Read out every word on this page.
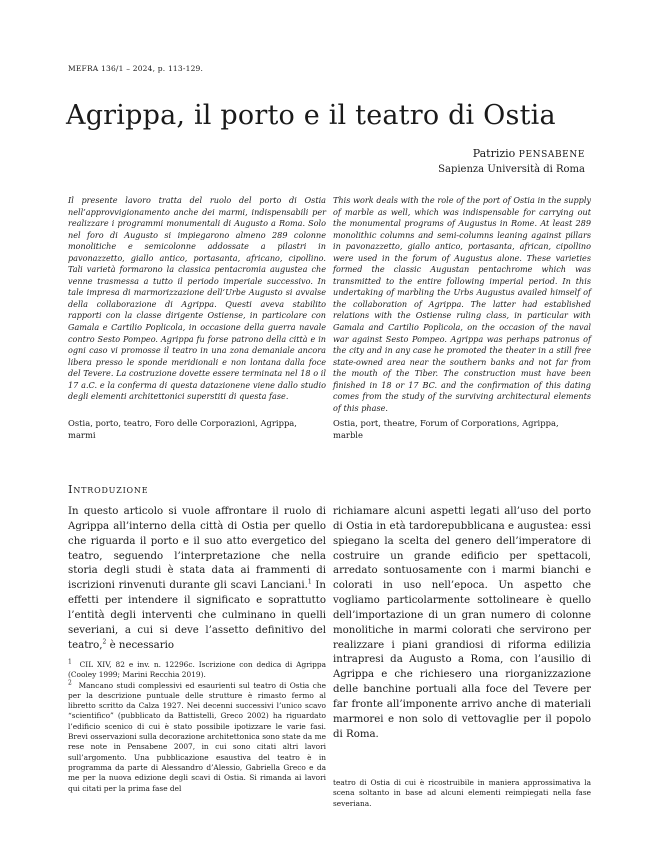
MEFRA 136/1 – 2024, p. 113-129.
Agrippa, il porto e il teatro di Ostia
Patrizio PENSABENE
Sapienza Università di Roma

Il presente lavoro tratta del ruolo del porto di Ostia nell’approvvigionamento anche dei marmi, indispensabili per realizzare i programmi monumentali di Augusto a Roma. Solo nel foro di Augusto si impiegarono almeno 289 colonne monolitiche e semicolonne addossate a pilastri in pavonazzetto, giallo antico, portasanta, africano, cipollino. Tali varietà formarono la classica pentacromia augustea che venne trasmessa a tutto il periodo imperiale successivo. In tale impresa di marmorizzazione dell’Urbe Augusto si avvalse della collaborazione di Agrippa. Questi aveva stabilito rapporti con la classe dirigente Ostiense, in particolare con Gamala e Cartilio Poplicola, in occasione della guerra navale contro Sesto Pompeo. Agrippa fu forse patrono della città e in ogni caso vi promosse il teatro in una zona demaniale ancora libera presso le sponde meridionali e non lontana dalla foce del Tevere. La costruzione dovette essere terminata nel 18 o il 17 a.C. e la conferma di questa datazionene viene dallo studio degli elementi architettonici superstiti di questa fase.

This work deals with the role of the port of Ostia in the supply of marble as well, which was indispensable for carrying out the monumental programs of Augustus in Rome. At least 289 monolithic columns and semi-columns leaning against pillars in pavonazzetto, giallo antico, portasanta, african, cipollino were used in the forum of Augustus alone. These varieties formed the classic Augustan pentachrome which was transmitted to the entire following imperial period. In this undertaking of marbling the Urbs Augustus availed himself of the collaboration of Agrippa. The latter had established relations with the Ostiense ruling class, in particular with Gamala and Cartilio Poplicola, on the occasion of the naval war against Sesto Pompeo. Agrippa was perhaps patronus of the city and in any case he promoted the theater in a still free state-owned area near the southern banks and not far from the mouth of the Tiber. The construction must have been finished in 18 or 17 BC. and the confirmation of this dating comes from the study of the surviving architectural elements of this phase.

Ostia, porto, teatro, Foro delle Corporazioni, Agrippa, marmi

Ostia, port, theatre, Forum of Corporations, Agrippa, marble

Introduzione

In questo articolo si vuole affrontare il ruolo di Agrippa all’interno della città di Ostia per quello che riguarda il porto e il suo atto evergetico del teatro, seguendo l’interpretazione che nella storia degli studi è stata data ai frammenti di iscrizioni rinvenuti durante gli scavi Lanciani.$^1$ In effetti per intendere il significato e soprattutto l’entità degli interventi che culminano in quelli severiani, a cui si deve l’assetto definitivo del teatro,$^2$ è necessario

richiamare alcuni aspetti legati all’uso del porto di Ostia in età tardorepubblicana e augustea: essi spiegano la scelta del genero dell’imperatore di costruire un grande edificio per spettacoli, arredato sontuosamente con i marmi bianchi e colorati in uso nell’epoca. Un aspetto che vogliamo particolarmente sottolineare è quello dell’importazione di un gran numero di colonne monolitiche in marmi colorati che servirono per realizzare i piani grandiosi di riforma edilizia intrapresi da Augusto a Roma, con l’ausilio di Agrippa e che richiesero una riorganizzazione delle banchine portuali alla foce del Tevere per far fronte all’imponente arrivo anche di materiali marmorei e non solo di vettovaglie per il popolo di Roma.

$^1$ CIL XIV, 82 e inv. n. 12296c. Iscrizione con dedica di Agrippa (Cooley 1999; Marini Recchia 2019).

$^2$ Mancano studi complessivi ed esaurienti sul teatro di Ostia che per la descrizione puntuale delle strutture è rimasto fermo al libretto scritto da Calza 1927. Nei decenni successivi l’unico scavo “scientifico” (pubblicato da Battistelli, Greco 2002) ha riguardato l’edificio scenico di cui è stato possibile ipotizzare le varie fasi. Brevi osservazioni sulla decorazione architettonica sono state da me rese note in Pensabene 2007, in cui sono citati altri lavori sull’argomento. Una pubblicazione esaustiva del teatro è in programma da parte di Alessandro d’Alessio, Gabriella Greco e da me per la nuova edizione degli scavi di Ostia. Si rimanda ai lavori qui citati per la prima fase del

teatro di Ostia di cui è ricostruibile in maniera approssimativa la scena soltanto in base ad alcuni elementi reimpiegati nella fase severiana.
